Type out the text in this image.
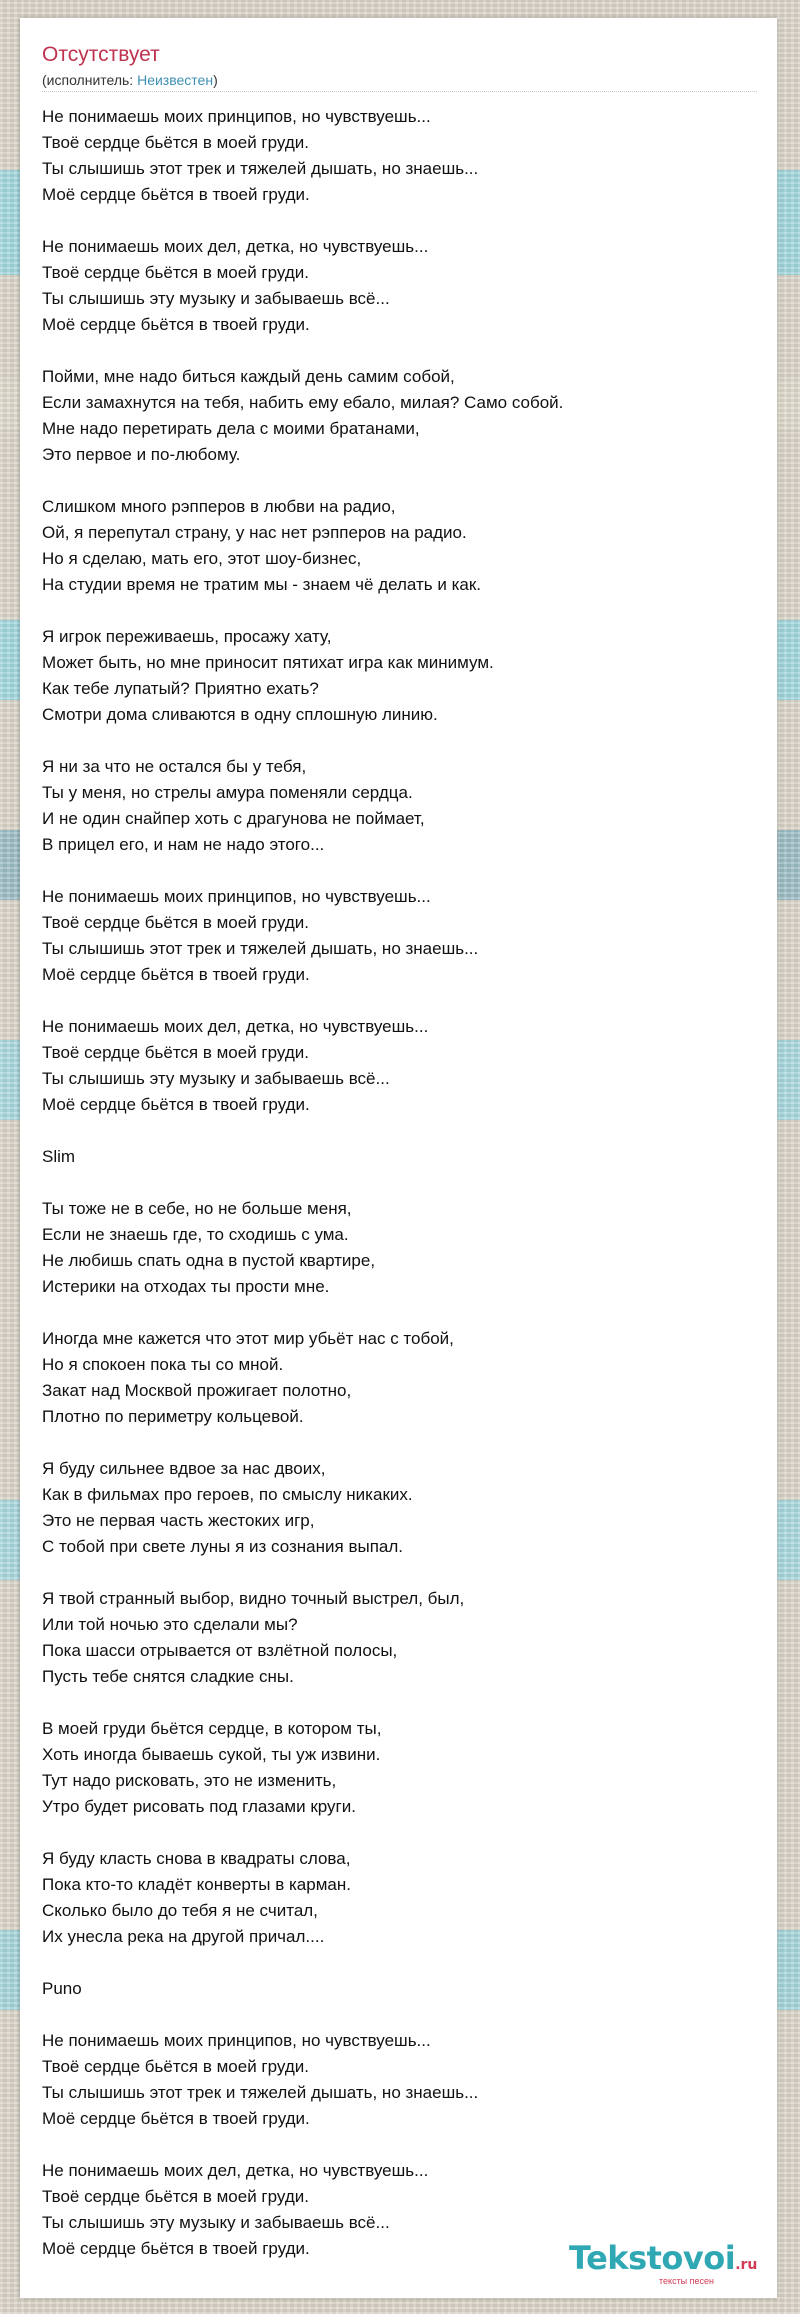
Отсутствует
(исполнитель: Неизвестен)
Не понимаешь моих принципов, но чувствуешь...
Твоё сердце бьётся в моей груди.
Ты слышишь этот трек и тяжелей дышать, но знаешь...
Моё сердце бьётся в твоей груди.
Не понимаешь моих дел, детка, но чувствуешь...
Твоё сердце бьётся в моей груди.
Ты слышишь эту музыку и забываешь всё...
Моё сердце бьётся в твоей груди.
Пойми, мне надо биться каждый день самим собой,
Если замахнутся на тебя, набить ему ебало, милая? Само собой.
Мне надо перетирать дела с моими братанами,
Это первое и по-любому.
Слишком много рэпперов в любви на радио,
Ой, я перепутал страну, у нас нет рэпперов на радио.
Но я сделаю, мать его, этот шоу-бизнес,
На студии время не тратим мы - знаем чё делать и как.
Я игрок переживаешь, просажу хату,
Может быть, но мне приносит пятихат игра как минимум.
Как тебе лупатый? Приятно ехать?
Смотри дома сливаются в одну сплошную линию.
Я ни за что не остался бы у тебя,
Ты у меня, но стрелы амура поменяли сердца.
И не один снайпер хоть с драгунова не поймает,
В прицел его, и нам не надо этого...
Не понимаешь моих принципов, но чувствуешь...
Твоё сердце бьётся в моей груди.
Ты слышишь этот трек и тяжелей дышать, но знаешь...
Моё сердце бьётся в твоей груди.
Не понимаешь моих дел, детка, но чувствуешь...
Твоё сердце бьётся в моей груди.
Ты слышишь эту музыку и забываешь всё...
Моё сердце бьётся в твоей груди.
Slim
Ты тоже не в себе, но не больше меня,
Если не знаешь где, то сходишь с ума.
Не любишь спать одна в пустой квартире,
Истерики на отходах ты прости мне.
Иногда мне кажется что этот мир убьёт нас с тобой,
Но я спокоен пока ты со мной.
Закат над Москвой прожигает полотно,
Плотно по периметру кольцевой.
Я буду сильнее вдвое за нас двоих,
Как в фильмах про героев, по смыслу никаких.
Это не первая часть жестоких игр,
С тобой при свете луны я из сознания выпал.
Я твой странный выбор, видно точный выстрел, был,
Или той ночью это сделали мы?
Пока шасси отрывается от взлётной полосы,
Пусть тебе снятся сладкие сны.
В моей груди бьётся сердце, в котором ты,
Хоть иногда бываешь сукой, ты уж извини.
Тут надо рисковать, это не изменить,
Утро будет рисовать под глазами круги.
Я буду класть снова в квадраты слова,
Пока кто-то кладёт конверты в карман.
Сколько было до тебя я не считал,
Их унесла река на другой причал....
Puno
Не понимаешь моих принципов, но чувствуешь...
Твоё сердце бьётся в моей груди.
Ты слышишь этот трек и тяжелей дышать, но знаешь...
Моё сердце бьётся в твоей груди.
Не понимаешь моих дел, детка, но чувствуешь...
Твоё сердце бьётся в моей груди.
Ты слышишь эту музыку и забываешь всё...
Моё сердце бьётся в твоей груди.	Tekstovoi.ru
тексты песен
